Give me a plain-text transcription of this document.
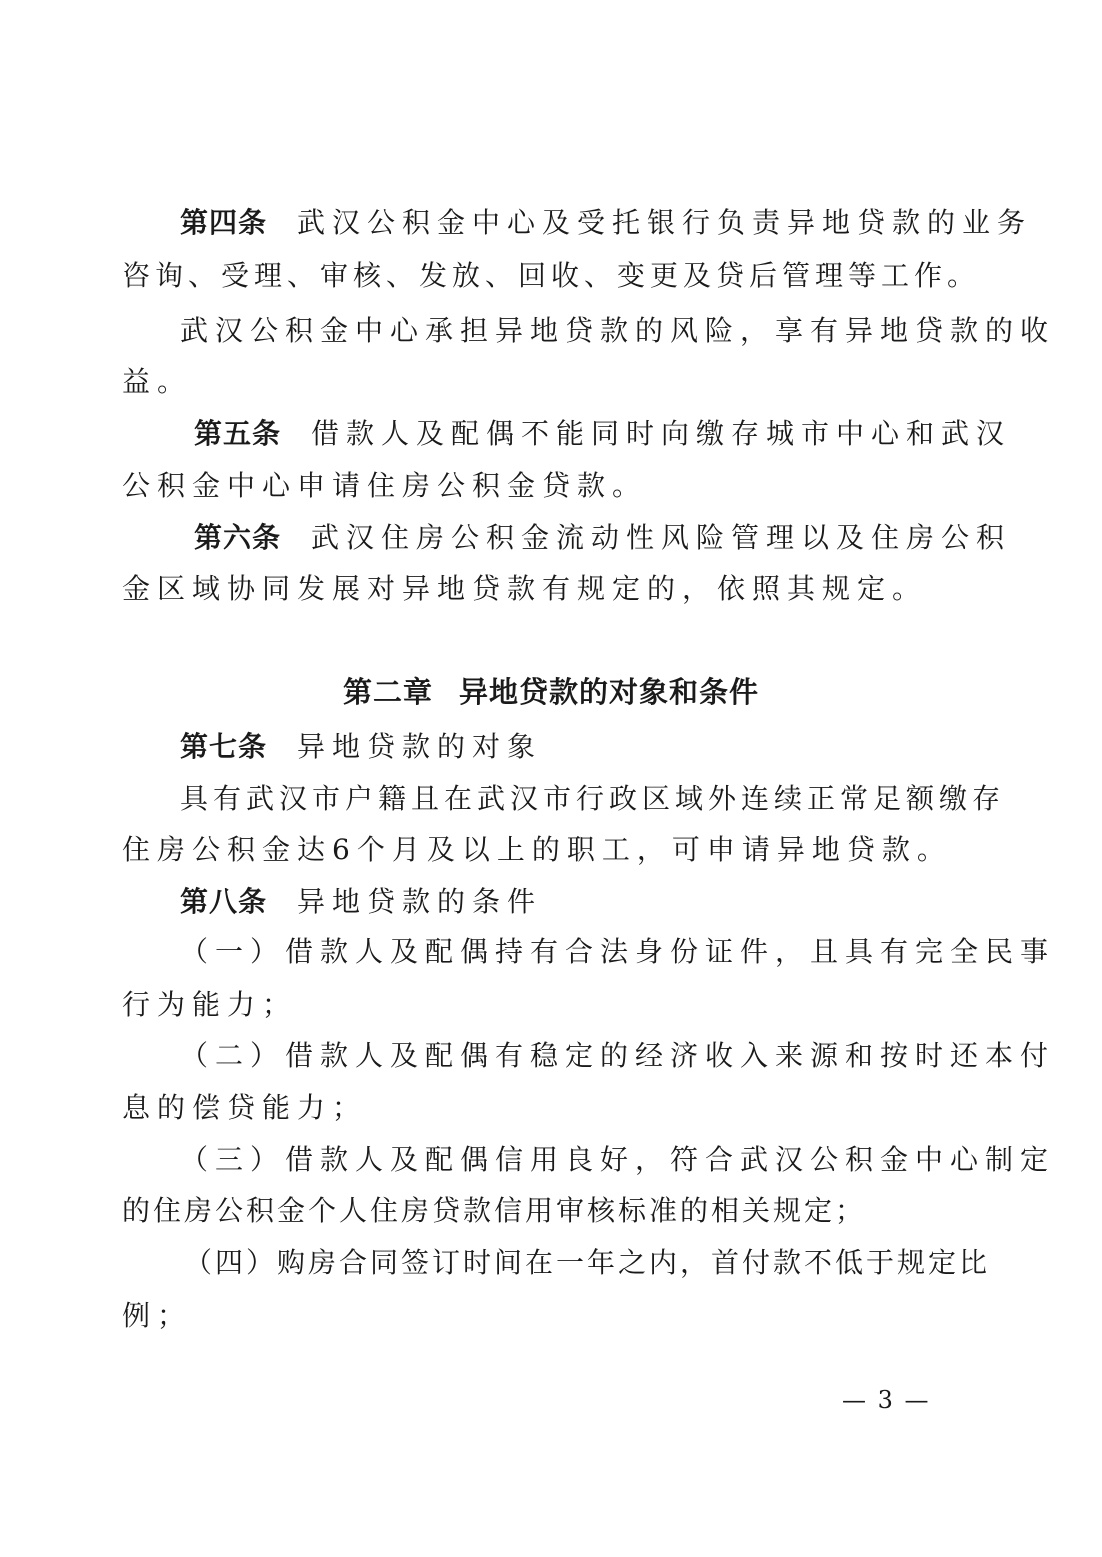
第四条 武汉公积金中心及受托银行负责异地贷款的业务
咨询、受理、审核、发放、回收、变更及贷后管理等工作。
武汉公积金中心承担异地贷款的风险，享有异地贷款的收
益。
第五条 借款人及配偶不能同时向缴存城市中心和武汉
公积金中心申请住房公积金贷款。
第六条 武汉住房公积金流动性风险管理以及住房公积
金区域协同发展对异地贷款有规定的，依照其规定。
第二章 异地贷款的对象和条件
第七条 异地贷款的对象
具有武汉市户籍且在武汉市行政区域外连续正常足额缴存
住房公积金达6个月及以上的职工，可申请异地贷款。
第八条 异地贷款的条件
（一）借款人及配偶持有合法身份证件，且具有完全民事
行为能力；
（二）借款人及配偶有稳定的经济收入来源和按时还本付
息的偿贷能力；
（三）借款人及配偶信用良好，符合武汉公积金中心制定
的住房公积金个人住房贷款信用审核标准的相关规定；
（四）购房合同签订时间在一年之内，首付款不低于规定比
例；
— 3 —
